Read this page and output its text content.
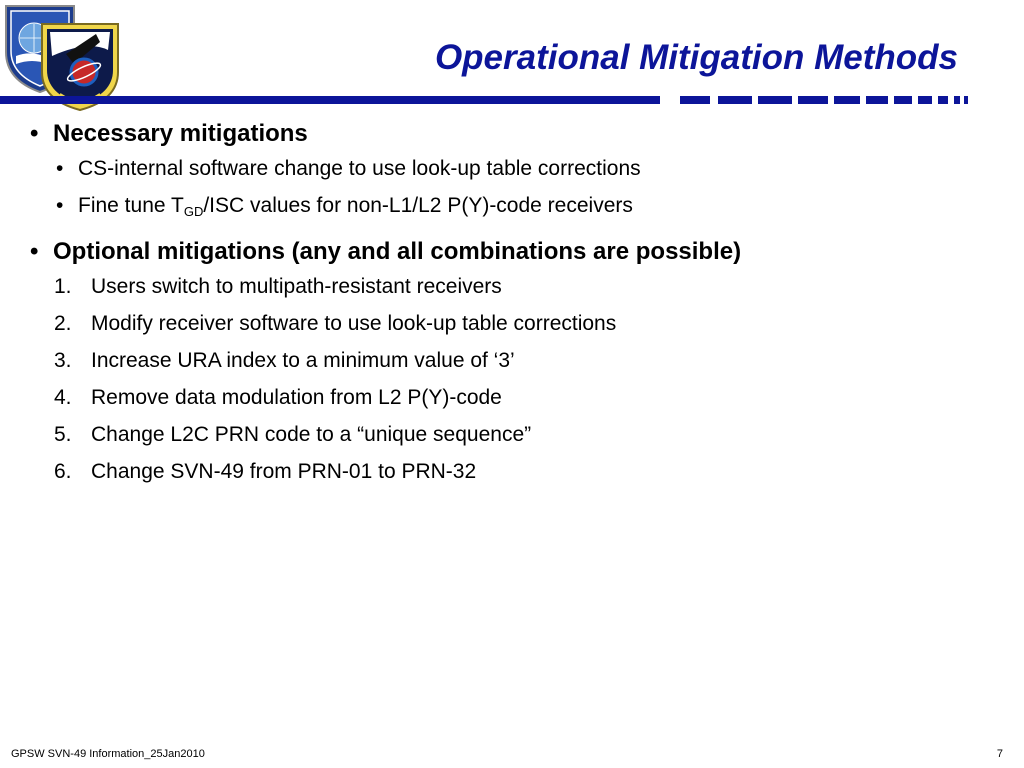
Operational Mitigation Methods
• Necessary mitigations
• CS-internal software change to use look-up table corrections
• Fine tune $T_{GD}$/ISC values for non-L1/L2 P(Y)-code receivers
• Optional mitigations (any and all combinations are possible)
1. Users switch to multipath-resistant receivers
2. Modify receiver software to use look-up table corrections
3. Increase URA index to a minimum value of ‘3’
4. Remove data modulation from L2 P(Y)-code
5. Change L2C PRN code to a “unique sequence”
6. Change SVN-49 from PRN-01 to PRN-32
GPSW SVN-49 Information_25Jan2010	7
